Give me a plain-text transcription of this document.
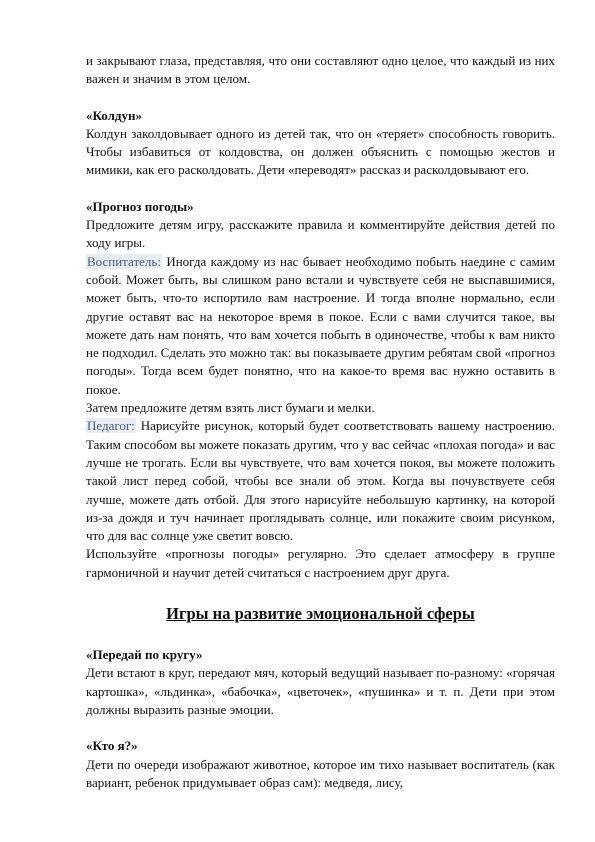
и закрывают глаза, представляя, что они составляют одно целое, что каждый из них важен и значим в этом целом.

«Колдун»

Колдун заколдовывает одного из детей так, что он «теряет» способность говорить. Чтобы избавиться от колдовства, он должен объяснить с помощью жестов и мимики, как его расколдовать. Дети «переводят» рассказ и расколдовывают его.

«Прогноз погоды»

Предложите детям игру, расскажите правила и комментируйте действия детей по ходу игры.

Воспитатель: Иногда каждому из нас бывает необходимо побыть наедине с самим собой. Может быть, вы слишком рано встали и чувствуете себя не выспавшимися, может быть, что-то испортило вам настроение. И тогда вполне нормально, если другие оставят вас на некоторое время в покое. Если с вами случится такое, вы можете дать нам понять, что вам хочется побыть в одиночестве, чтобы к вам никто не подходил. Сделать это можно так: вы показываете другим ребятам свой «прогноз погоды». Тогда всем будет понятно, что на какое-то время вас нужно оставить в покое.

Затем предложите детям взять лист бумаги и мелки.

Педагог: Нарисуйте рисунок, который будет соответствовать вашему настроению. Таким способом вы можете показать другим, что у вас сейчас «плохая погода» и вас лучше не трогать. Если вы чувствуете, что вам хочется покоя, вы можете положить такой лист перед собой, чтобы все знали об этом. Когда вы почувствуете себя лучше, можете дать отбой. Для этого нарисуйте небольшую картинку, на которой из-за дождя и туч начинает проглядывать солнце, или покажите своим рисунком, что для вас солнце уже светит вовсю.

Используйте «прогнозы погоды» регулярно. Это сделает атмосферу в группе гармоничной и научит детей считаться с настроением друг друга.

Игры на развитие эмоциональной сферы

«Передай по кругу»

Дети встают в круг, передают мяч, который ведущий называет по-разному: «горячая картошка», «льдинка», «бабочка», «цветочек», «пушинка» и т. п. Дети при этом должны выразить разные эмоции.

«Кто я?»

Дети по очереди изображают животное, которое им тихо называет воспитатель (как вариант, ребенок придумывает образ сам): медведя, лису,
